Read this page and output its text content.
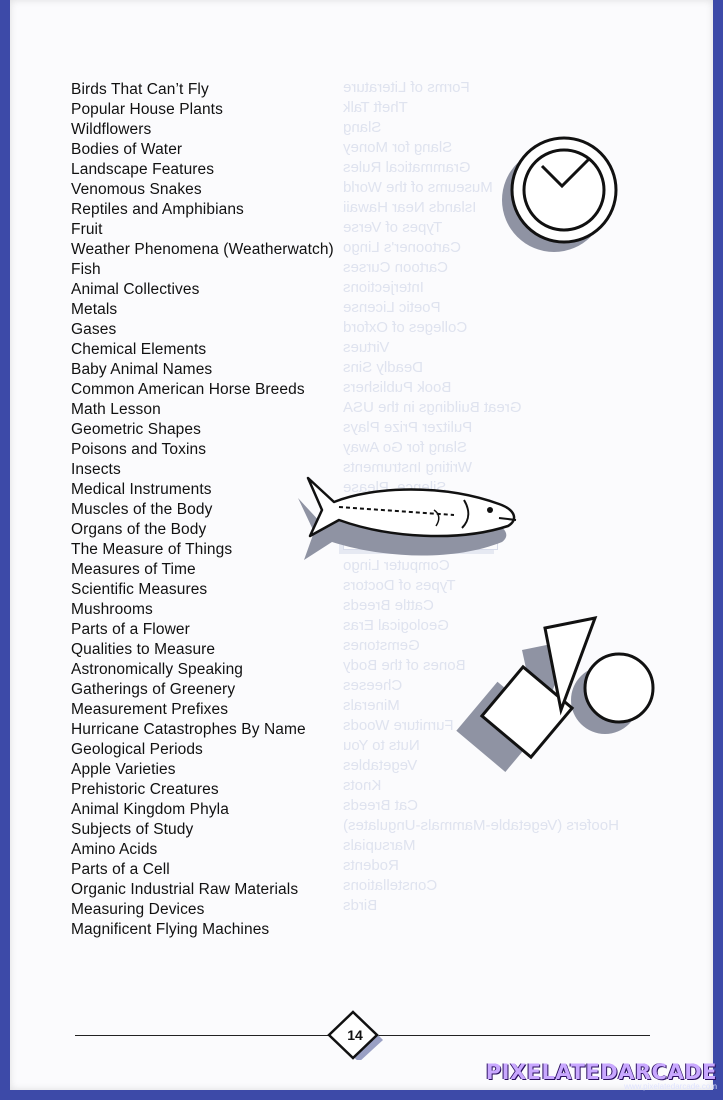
Forms of Literature
Theft Talk
Slang
Slang for Money
Grammatical Rules
Museums of the World
Islands Near Hawaii
Types of Verse
Cartooner's Lingo
Cartoon Curses
Interjections
Poetic License
Colleges of Oxford
Virtues
Deadly Sins
Book Publishers
Great Buildings in the USA
Pulitzer Prize Plays
Slang for Go Away
Writing Instruments
Silence, Please
Computer Lingo
Types of Doctors
Cattle Breeds
Geological Eras
Gemstones
Bones of the Body
Cheeses
Minerals
Furniture Woods
Nuts to You
Vegetables
Knots
Cat Breeds
Hoofers (Vegetable-Mammals-Ungulates)
Marsupials
Rodents
Constellations
Birds
Birds That Can’t Fly
Popular House Plants
Wildflowers
Bodies of Water
Landscape Features
Venomous Snakes
Reptiles and Amphibians
Fruit
Weather Phenomena (Weatherwatch)
Fish
Animal Collectives
Metals
Gases
Chemical Elements
Baby Animal Names
Common American Horse Breeds
Math Lesson
Geometric Shapes
Poisons and Toxins
Insects
Medical Instruments
Muscles of the Body
Organs of the Body
The Measure of Things
Measures of Time
Scientific Measures
Mushrooms
Parts of a Flower
Qualities to Measure
Astronomically Speaking
Gatherings of Greenery
Measurement Prefixes
Hurricane Catastrophes By Name
Geological Periods
Apple Varieties
Prehistoric Creatures
Animal Kingdom Phyla
Subjects of Study
Amino Acids
Parts of a Cell
Organic Industrial Raw Materials
Measuring Devices
Magnificent Flying Machines
14
PIXELATEDARCADE
www.pixelatedarcade.com
